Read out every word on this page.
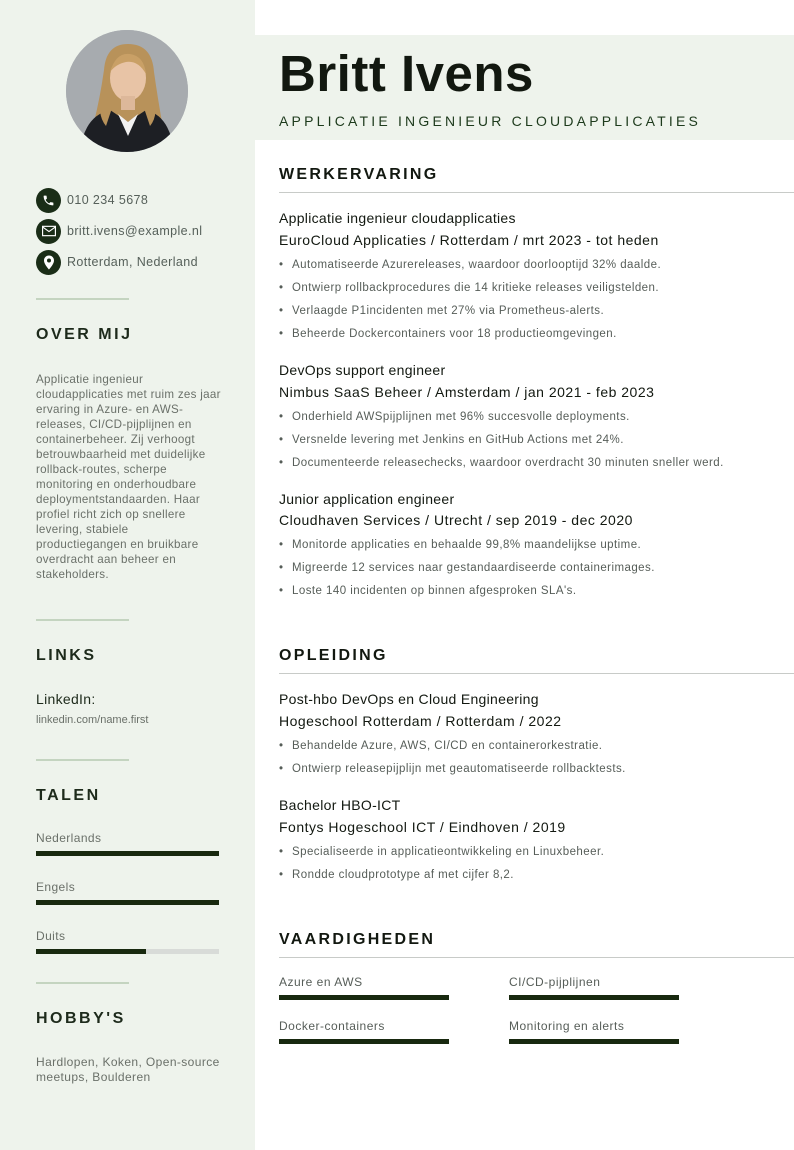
010 234 5678
britt.ivens@example.nl
Rotterdam, Nederland
OVER MIJ
Applicatie ingenieur cloudapplicaties met ruim zes jaar ervaring in Azure- en AWS-releases, CI/CD-pijplijnen en containerbeheer. Zij verhoogt betrouwbaarheid met duidelijke rollback-routes, scherpe monitoring en onderhoudbare deploymentstandaarden. Haar profiel richt zich op snellere levering, stabiele productiegangen en bruikbare overdracht aan beheer en stakeholders.
LINKS
LinkedIn:
linkedin.com/name.first
TALEN
Nederlands
Engels
Duits
HOBBY'S
Hardlopen, Koken, Open-source meetups, Boulderen
Britt Ivens
APPLICATIE INGENIEUR CLOUDAPPLICATIES
WERKERVARING
Applicatie ingenieur cloudapplicaties
EuroCloud Applicaties / Rotterdam / mrt 2023 - tot heden
• Automatiseerde Azurereleases, waardoor doorlooptijd 32% daalde.
• Ontwierp rollbackprocedures die 14 kritieke releases veiligstelden.
• Verlaagde P1incidenten met 27% via Prometheus-alerts.
• Beheerde Dockercontainers voor 18 productieomgevingen.
DevOps support engineer
Nimbus SaaS Beheer / Amsterdam / jan 2021 - feb 2023
• Onderhield AWSpijplijnen met 96% succesvolle deployments.
• Versnelde levering met Jenkins en GitHub Actions met 24%.
• Documenteerde releasechecks, waardoor overdracht 30 minuten sneller werd.
Junior application engineer
Cloudhaven Services / Utrecht / sep 2019 - dec 2020
• Monitorde applicaties en behaalde 99,8% maandelijkse uptime.
• Migreerde 12 services naar gestandaardiseerde containerimages.
• Loste 140 incidenten op binnen afgesproken SLA's.
OPLEIDING
Post-hbo DevOps en Cloud Engineering
Hogeschool Rotterdam / Rotterdam / 2022
• Behandelde Azure, AWS, CI/CD en containerorkestratie.
• Ontwierp releasepijplijn met geautomatiseerde rollbacktests.
Bachelor HBO-ICT
Fontys Hogeschool ICT / Eindhoven / 2019
• Specialiseerde in applicatieontwikkeling en Linuxbeheer.
• Rondde cloudprototype af met cijfer 8,2.
VAARDIGHEDEN
Azure en AWS	CI/CD-pijplijnen
Docker-containers	Monitoring en alerts
